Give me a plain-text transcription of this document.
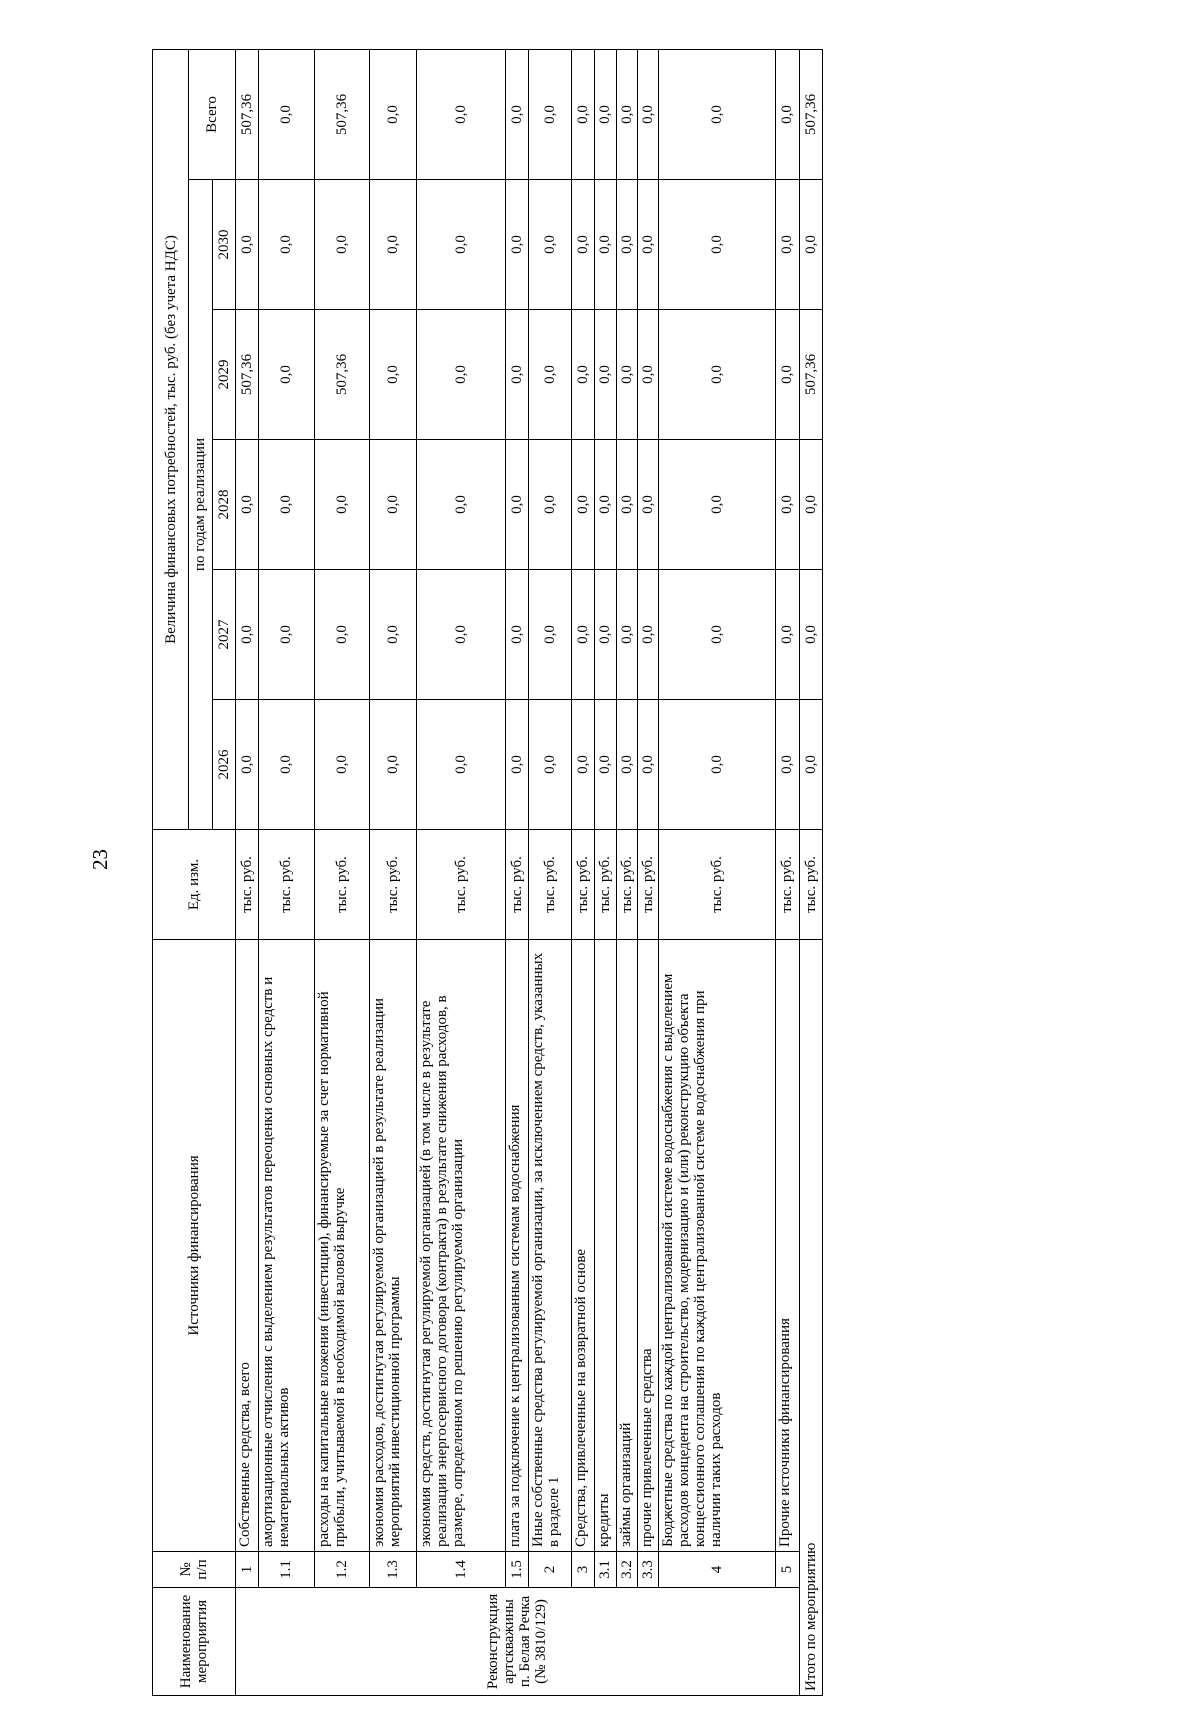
23
Наименование мероприятия	№ п/п	Источники финансирования	Ед. изм.	Величина финансовых потребностей, тыс. руб. (без учета НДС)					
				по годам реализации					Всего
				2026	2027	2028	2029	2030	
Реконструкция артскважины п. Белая Речка (№ 3810/129)	1	Собственные средства, всего	тыс. руб.	0,0	0,0	0,0	507,36	0,0	507,36
	1.1	амортизационные отчисления с выделением результатов переоценки основных средств и нематериальных активов	тыс. руб.	0,0	0,0	0,0	0,0	0,0	0,0
	1.2	расходы на капитальные вложения (инвестиции), финансируемые за счет нормативной прибыли, учитываемой в необходимой валовой выручке	тыс. руб.	0,0	0,0	0,0	507,36	0,0	507,36
	1.3	экономия расходов, достигнутая регулируемой организацией в результате реализации мероприятий инвестиционной программы	тыс. руб.	0,0	0,0	0,0	0,0	0,0	0,0
	1.4	экономия средств, достигнутая регулируемой организацией (в том числе в результате реализации энергосервисного договора (контракта) в результате снижения расходов, в размере, определенном по решению регулируемой организации	тыс. руб.	0,0	0,0	0,0	0,0	0,0	0,0
	1.5	плата за подключение к централизованным системам водоснабжения	тыс. руб.	0,0	0,0	0,0	0,0	0,0	0,0
	2	Иные собственные средства регулируемой организации, за исключением средств, указанных в разделе 1	тыс. руб.	0,0	0,0	0,0	0,0	0,0	0,0
	3	Средства, привлеченные на возвратной основе	тыс. руб.	0,0	0,0	0,0	0,0	0,0	0,0
	3.1	кредиты	тыс. руб.	0,0	0,0	0,0	0,0	0,0	0,0
	3.2	займы организаций	тыс. руб.	0,0	0,0	0,0	0,0	0,0	0,0
	3.3	прочие привлеченные средства	тыс. руб.	0,0	0,0	0,0	0,0	0,0	0,0
	4	Бюджетные средства по каждой централизованной системе водоснабжения с выделением расходов концедента на строительство, модернизацию и (или) реконструкцию объекта концессионного соглашения по каждой централизованной системе водоснабжения при наличии таких расходов	тыс. руб.	0,0	0,0	0,0	0,0	0,0	0,0
	5	Прочие источники финансирования	тыс. руб.	0,0	0,0	0,0	0,0	0,0	0,0
Итого по мероприятию			тыс. руб.	0,0	0,0	0,0	507,36	0,0	507,36
